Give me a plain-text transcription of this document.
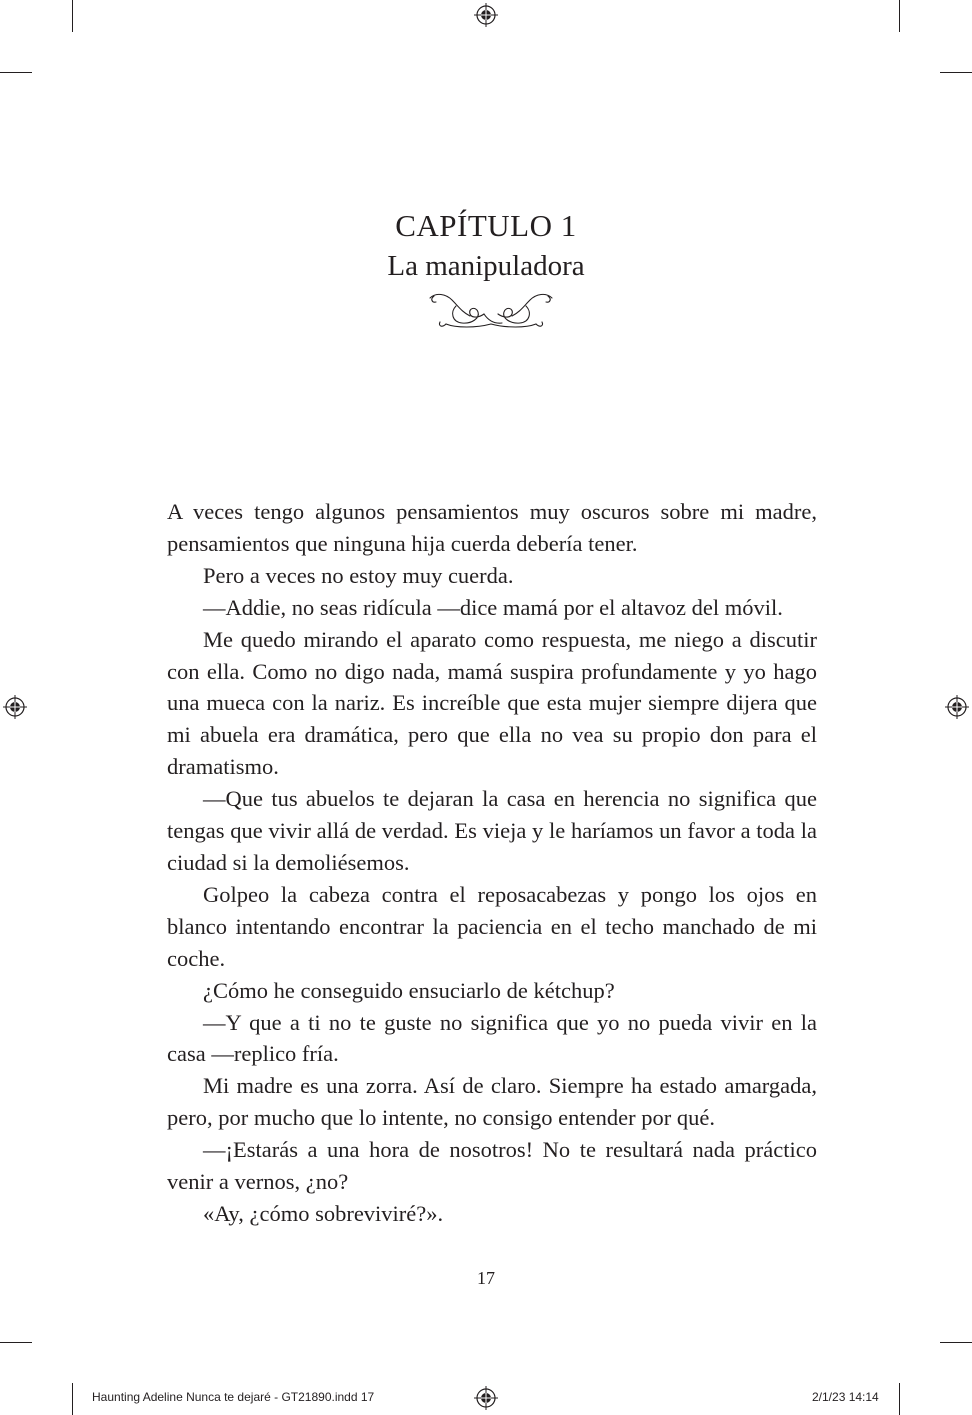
CAPÍTULO 1
La manipuladora

A veces tengo algunos pensamientos muy oscuros sobre mi madre, pensamientos que ninguna hija cuerda debería tener.

Pero a veces no estoy muy cuerda.

—Addie, no seas ridícula —dice mamá por el altavoz del móvil.

Me quedo mirando el aparato como respuesta, me niego a discutir con ella. Como no digo nada, mamá suspira profundamente y yo hago una mueca con la nariz. Es increíble que esta mujer siempre dijera que mi abuela era dramática, pero que ella no vea su propio don para el dramatismo.

—Que tus abuelos te dejaran la casa en herencia no significa que tengas que vivir allá de verdad. Es vieja y le haríamos un favor a toda la ciudad si la demoliésemos.

Golpeo la cabeza contra el reposacabezas y pongo los ojos en blanco intentando encontrar la paciencia en el techo manchado de mi coche.

¿Cómo he conseguido ensuciarlo de kétchup?

—Y que a ti no te guste no significa que yo no pueda vivir en la casa —replico fría.

Mi madre es una zorra. Así de claro. Siempre ha estado amargada, pero, por mucho que lo intente, no consigo entender por qué.

—¡Estarás a una hora de nosotros! No te resultará nada práctico venir a vernos, ¿no?

«Ay, ¿cómo sobreviviré?».

17
Haunting Adeline Nunca te dejaré - GT21890.indd 17	2/1/23 14:14
